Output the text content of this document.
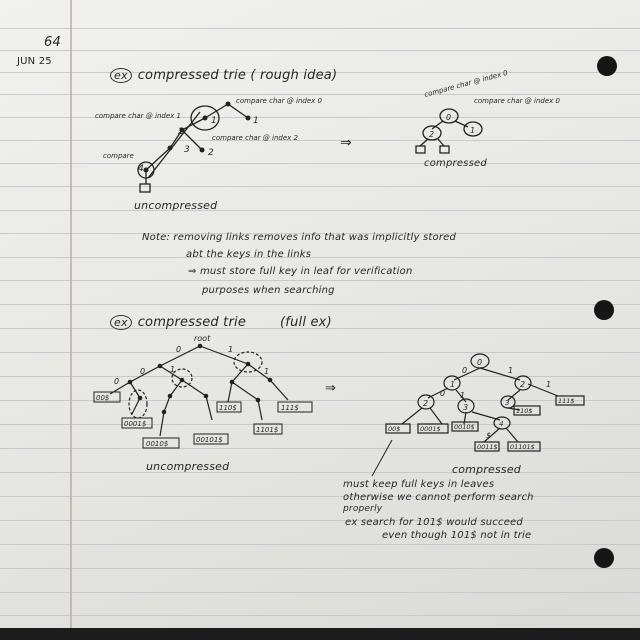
64
JUN 25
ex compressed trie ( rough idea)
1
2
3
4
1
2
compare char @ index 1
compare char @ index 0
compare char @ index 2
compare
⇒
0
2	1
compare char @ index 0
compare char @ index 0
uncompressed
compressed
Note: removing links removes info that was implicitly stored
abt the keys in the links
⇒ must store full key in leaf for verification
purposes when searching
ex compressed trie	(full ex)
root
00$
0001$
0010$	00101$
110$
1101$
111$
0	1
0	1
0
1
⇒
0
1	2
2	3	3
4
00$	0001$ 0010$
0011$ 01101$
110$
111$
0	1
0 1
1
$
uncompressed	compressed
must keep full keys in leaves
otherwise we cannot perform search
properly
ex search for 101$ would succeed
even though 101$ not in trie
